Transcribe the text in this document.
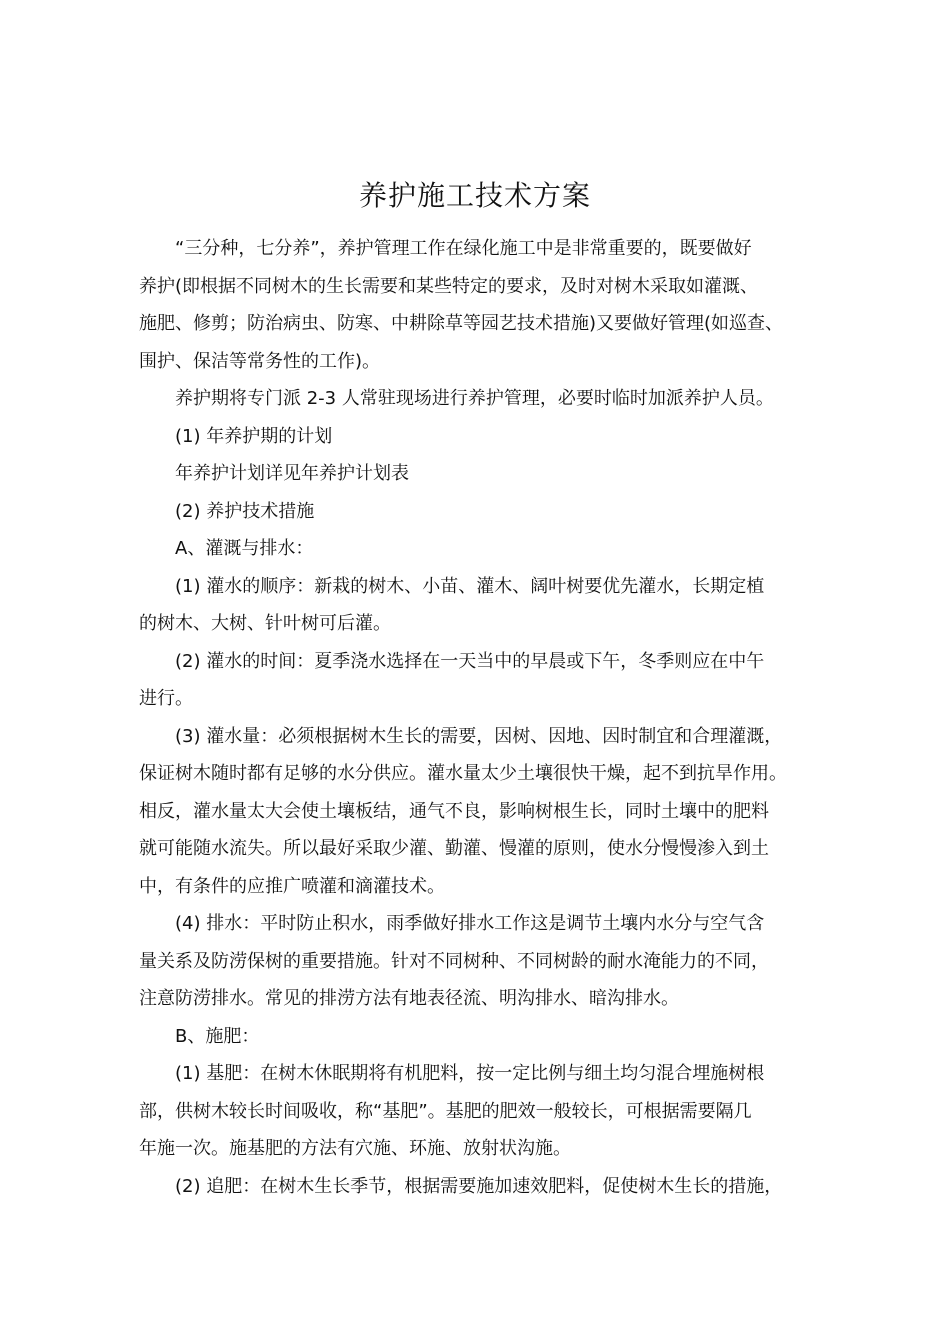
养护施工技术方案
“三分种，七分养”，养护管理工作在绿化施工中是非常重要的，既要做好
养护(即根据不同树木的生长需要和某些特定的要求，及时对树木采取如灌溉、
施肥、修剪；防治病虫、防寒、中耕除草等园艺技术措施)又要做好管理(如巡查、
围护、保洁等常务性的工作)。
养护期将专门派 2-3 人常驻现场进行养护管理，必要时临时加派养护人员。
(1) 年养护期的计划
年养护计划详见年养护计划表
(2) 养护技术措施
A、灌溉与排水：
(1) 灌水的顺序：新栽的树木、小苗、灌木、阔叶树要优先灌水，长期定植
的树木、大树、针叶树可后灌。
(2) 灌水的时间：夏季浇水选择在一天当中的早晨或下午，冬季则应在中午
进行。
(3) 灌水量：必须根据树木生长的需要，因树、因地、因时制宜和合理灌溉，
保证树木随时都有足够的水分供应。灌水量太少土壤很快干燥，起不到抗旱作用。
相反，灌水量太大会使土壤板结，通气不良，影响树根生长，同时土壤中的肥料
就可能随水流失。所以最好采取少灌、勤灌、慢灌的原则，使水分慢慢渗入到土
中，有条件的应推广喷灌和滴灌技术。
(4) 排水：平时防止积水，雨季做好排水工作这是调节土壤内水分与空气含
量关系及防涝保树的重要措施。针对不同树种、不同树龄的耐水淹能力的不同，
注意防涝排水。常见的排涝方法有地表径流、明沟排水、暗沟排水。
B、施肥：
(1) 基肥：在树木休眠期将有机肥料，按一定比例与细土均匀混合埋施树根
部，供树木较长时间吸收，称“基肥”。基肥的肥效一般较长，可根据需要隔几
年施一次。施基肥的方法有穴施、环施、放射状沟施。
(2) 追肥：在树木生长季节，根据需要施加速效肥料，促使树木生长的措施，
